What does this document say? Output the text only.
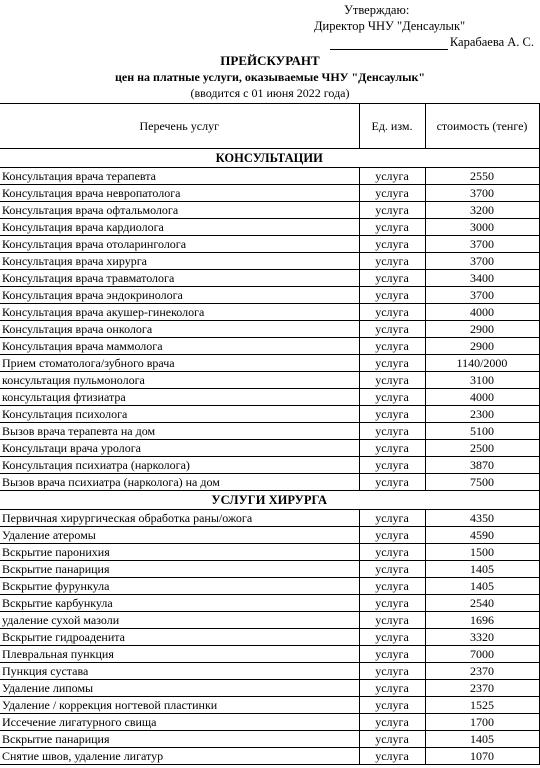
Утверждаю:
Директор ЧНУ "Денсаулык"
Карабаева А. С.
ПРЕЙСКУРАНТ
цен на платные услуги, оказываемые ЧНУ "Денсаулык"
(вводится с 01 июня 2022 года)
Перечень услуг	Ед. изм.	стоимость (тенге)
КОНСУЛЬТАЦИИ		
Консультация врача терапевта	услуга	2550
Консультация врача невропатолога	услуга	3700
Консультация врача офтальмолога	услуга	3200
Консультация врача кардиолога	услуга	3000
Консультация врача отоларинголога	услуга	3700
Консультация врача хирурга	услуга	3700
Консультация врача травматолога	услуга	3400
Консультация врача эндокринолога	услуга	3700
Консультация врача акушер-гинеколога	услуга	4000
Консультация врача онколога	услуга	2900
Консультация врача маммолога	услуга	2900
Прием стоматолога/зубного врача	услуга	1140/2000
консультация пульмонолога	услуга	3100
консультация фтизиатра	услуга	4000
Консультация психолога	услуга	2300
Вызов врача терапевта на дом	услуга	5100
Консультаци врача уролога	услуга	2500
Консультация психиатра (нарколога)	услуга	3870
Вызов врача психиатра (нарколога) на дом	услуга	7500
УСЛУГИ ХИРУРГА		
Первичная хирургическая обработка раны/ожога	услуга	4350
Удаление атеромы	услуга	4590
Вскрытие паронихия	услуга	1500
Вскрытие панариция	услуга	1405
Вскрытие фурункула	услуга	1405
Вскрытие карбункула	услуга	2540
удаление сухой мазоли	услуга	1696
Вскрытие гидроаденита	услуга	3320
Плевральная пункция	услуга	7000
Пункция сустава	услуга	2370
Удаление липомы	услуга	2370
Удаление / коррекция ногтевой пластинки	услуга	1525
Иссечение лигатурного свища	услуга	1700
Вскрытие панариция	услуга	1405
Снятие швов, удаление лигатур	услуга	1070
